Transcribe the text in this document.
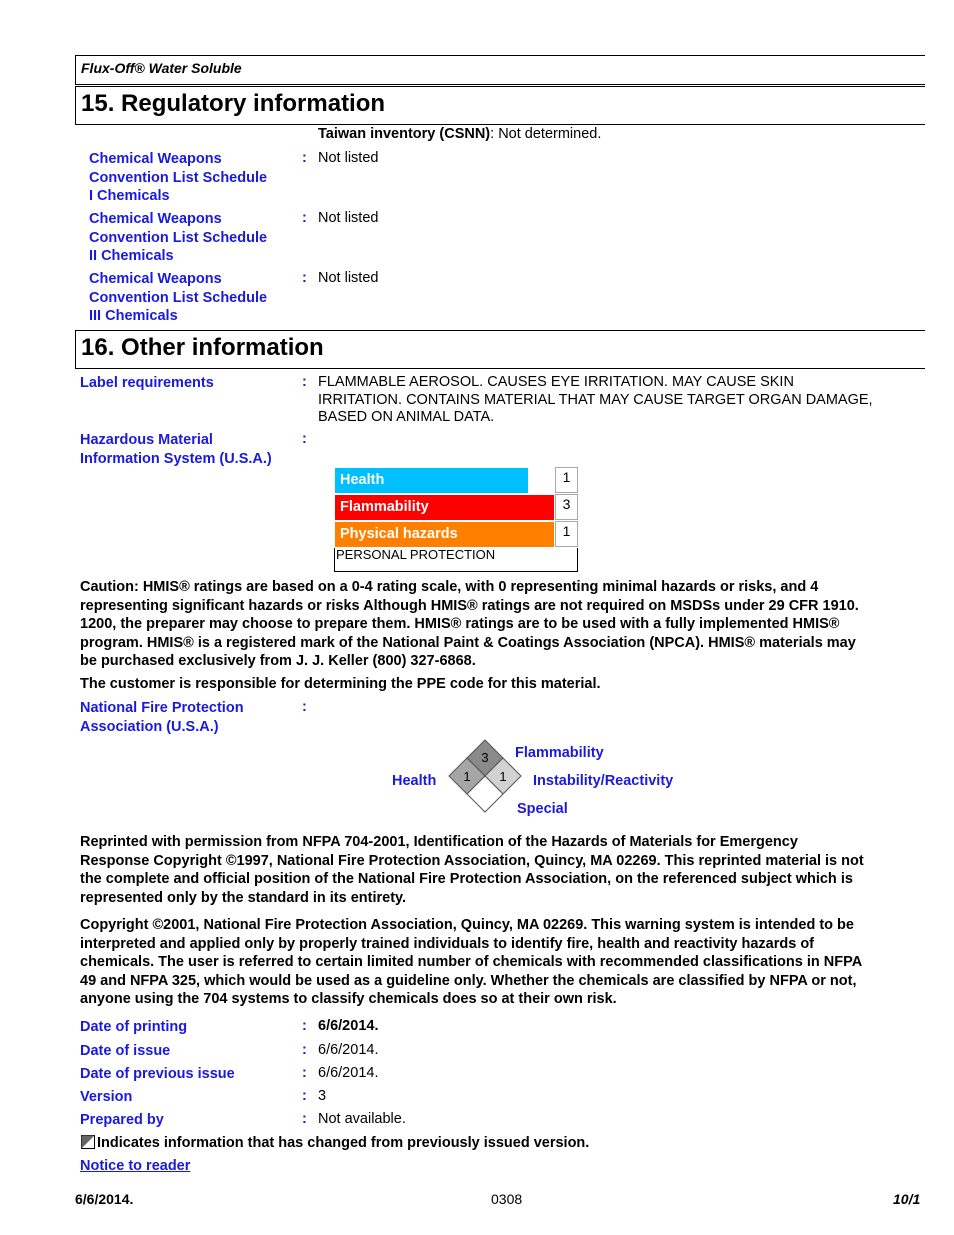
Flux-Off® Water Soluble
15. Regulatory information
Taiwan inventory (CSNN): Not determined.
Chemical Weapons
Convention List Schedule
I Chemicals
: Not listed
Chemical Weapons
Convention List Schedule
II Chemicals
: Not listed
Chemical Weapons
Convention List Schedule
III Chemicals
: Not listed
16. Other information
Label requirements	: FLAMMABLE AEROSOL. CAUSES EYE IRRITATION. MAY CAUSE SKIN
IRRITATION. CONTAINS MATERIAL THAT MAY CAUSE TARGET ORGAN DAMAGE,
BASED ON ANIMAL DATA.
Hazardous Material
Information System (U.S.A.)
:
Health	1
Flammability	3
Physical hazards	1
PERSONAL PROTECTION
Caution: HMIS® ratings are based on a 0-4 rating scale, with 0 representing minimal hazards or risks, and 4
representing significant hazards or risks Although HMIS® ratings are not required on MSDSs under 29 CFR 1910.
1200, the preparer may choose to prepare them. HMIS® ratings are to be used with a fully implemented HMIS®
program. HMIS® is a registered mark of the National Paint & Coatings Association (NPCA). HMIS® materials may
be purchased exclusively from J. J. Keller (800) 327-6868.
The customer is responsible for determining the PPE code for this material.
National Fire Protection
Association (U.S.A.)
:
3
1 1
Flammability
Health	Instability/Reactivity
Special
Reprinted with permission from NFPA 704-2001, Identification of the Hazards of Materials for Emergency
Response Copyright ©1997, National Fire Protection Association, Quincy, MA 02269. This reprinted material is not
the complete and official position of the National Fire Protection Association, on the referenced subject which is
represented only by the standard in its entirety.
Copyright ©2001, National Fire Protection Association, Quincy, MA 02269. This warning system is intended to be
interpreted and applied only by properly trained individuals to identify fire, health and reactivity hazards of
chemicals. The user is referred to certain limited number of chemicals with recommended classifications in NFPA
49 and NFPA 325, which would be used as a guideline only. Whether the chemicals are classified by NFPA or not,
anyone using the 704 systems to classify chemicals does so at their own risk.
Date of printing	: 6/6/2014.
Date of issue	: 6/6/2014.
Date of previous issue	: 6/6/2014.
Version	: 3
Prepared by	: Not available.
Indicates information that has changed from previously issued version.
Notice to reader
6/6/2014.	0308	10/1
